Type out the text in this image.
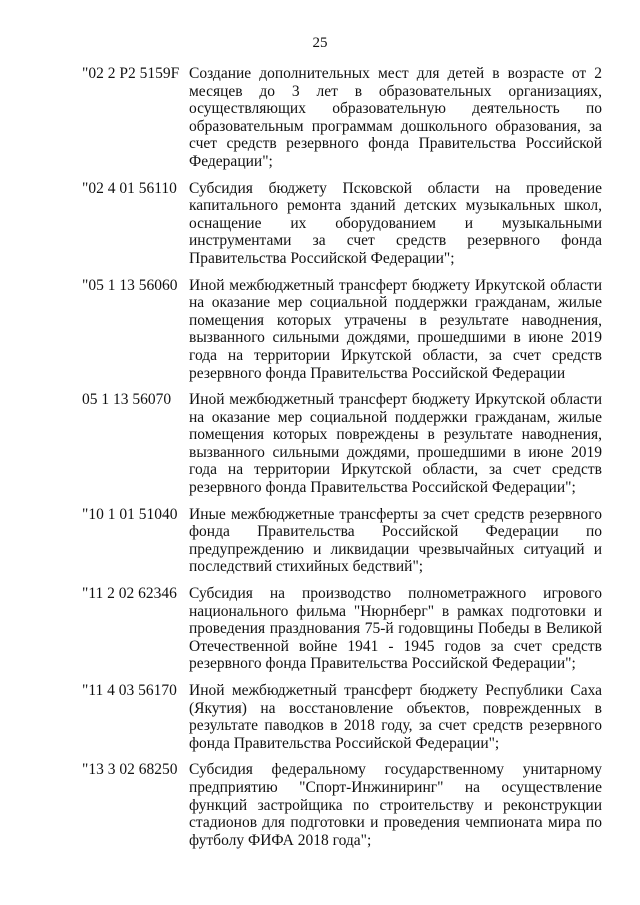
25
"02 2 P2 5159F Создание дополнительных мест для детей в возрасте от 2 месяцев до 3 лет в образовательных организациях, осуществляющих образовательную деятельность по образовательным программам дошкольного образования, за счет средств резервного фонда Правительства Российской Федерации";
"02 4 01 56110 Субсидия бюджету Псковской области на проведение капитального ремонта зданий детских музыкальных школ, оснащение их оборудованием и музыкальными инструментами за счет средств резервного фонда Правительства Российской Федерации";
"05 1 13 56060 Иной межбюджетный трансферт бюджету Иркутской области на оказание мер социальной поддержки гражданам, жилые помещения которых утрачены в результате наводнения, вызванного сильными дождями, прошедшими в июне 2019 года на территории Иркутской области, за счет средств резервного фонда Правительства Российской Федерации
05 1 13 56070	Иной межбюджетный трансферт бюджету Иркутской области на оказание мер социальной поддержки гражданам, жилые помещения которых повреждены в результате наводнения, вызванного сильными дождями, прошедшими в июне 2019 года на территории Иркутской области, за счет средств резервного фонда Правительства Российской Федерации";
"10 1 01 51040 Иные межбюджетные трансферты за счет средств резервного фонда Правительства Российской Федерации по предупреждению и ликвидации чрезвычайных ситуаций и последствий стихийных бедствий";
"11 2 02 62346 Субсидия на производство полнометражного игрового национального фильма "Нюрнберг" в рамках подготовки и проведения празднования 75-й годовщины Победы в Великой Отечественной войне 1941 - 1945 годов за счет средств резервного фонда Правительства Российской Федерации";
"11 4 03 56170 Иной межбюджетный трансферт бюджету Республики Саха (Якутия) на восстановление объектов, поврежденных в результате паводков в 2018 году, за счет средств резервного фонда Правительства Российской Федерации";
"13 3 02 68250 Субсидия федеральному государственному унитарному предприятию "Спорт-Инжиниринг" на осуществление функций застройщика по строительству и реконструкции стадионов для подготовки и проведения чемпионата мира по футболу ФИФА 2018 года";
